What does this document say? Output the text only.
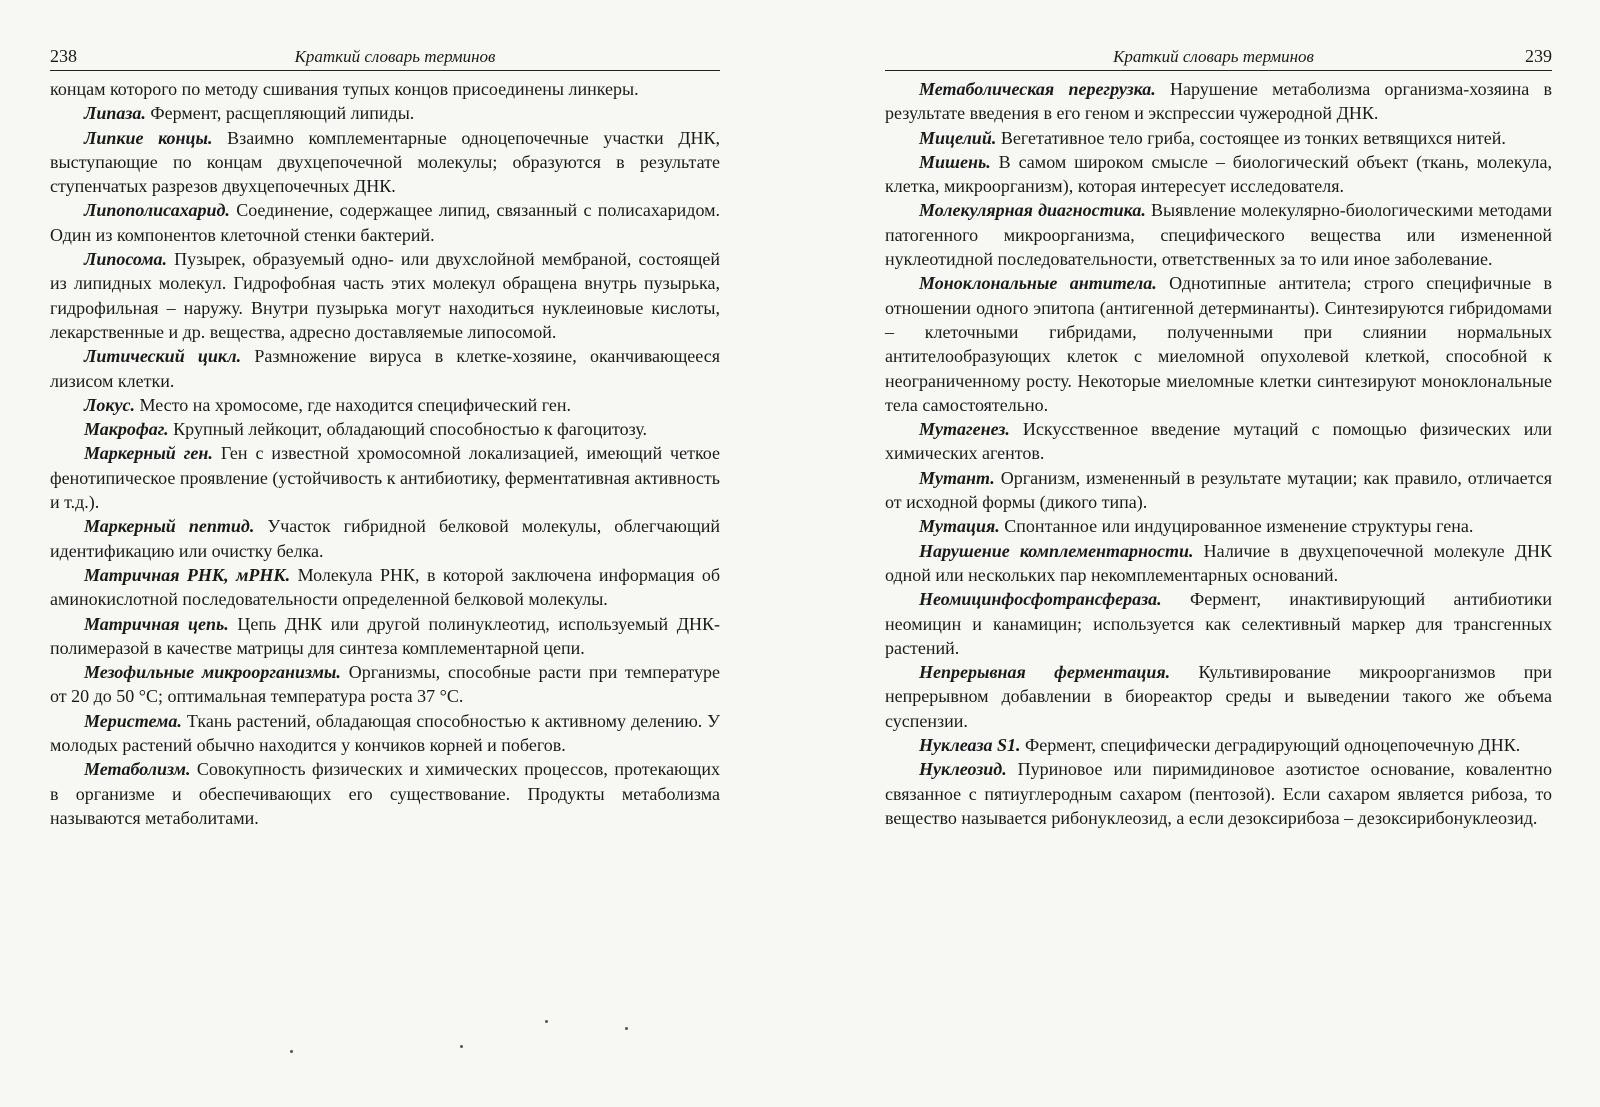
238	Краткий словарь терминов

концам которого по методу сшивания тупых концов присоединены линкеры.

Липаза. Фермент, расщепляющий липиды.

Липкие концы. Взаимно комплементарные одноцепочечные участки ДНК, выступающие по концам двухцепочечной молекулы; образуются в результате ступенчатых разрезов двухцепочечных ДНК.

Липополисахарид. Соединение, содержащее липид, связанный с полисахаридом. Один из компонентов клеточной стенки бактерий.

Липосома. Пузырек, образуемый одно- или двухслойной мембраной, состоящей из липидных молекул. Гидрофобная часть этих молекул обращена внутрь пузырька, гидрофильная – наружу. Внутри пузырька могут находиться нуклеиновые кислоты, лекарственные и др. вещества, адресно доставляемые липосомой.

Литический цикл. Размножение вируса в клетке-хозяине, оканчивающееся лизисом клетки.

Локус. Место на хромосоме, где находится специфический ген.

Макрофаг. Крупный лейкоцит, обладающий способностью к фагоцитозу.

Маркерный ген. Ген с известной хромосомной локализацией, имеющий четкое фенотипическое проявление (устойчивость к антибиотику, ферментативная активность и т.д.).

Маркерный пептид. Участок гибридной белковой молекулы, облегчающий идентификацию или очистку белка.

Матричная РНК, мРНК. Молекула РНК, в которой заключена информация об аминокислотной последовательности определенной белковой молекулы.

Матричная цепь. Цепь ДНК или другой полинуклеотид, используемый ДНК-полимеразой в качестве матрицы для синтеза комплементарной цепи.

Мезофильные микроорганизмы. Организмы, способные расти при температуре от 20 до 50 °С; оптимальная температура роста 37 °С.

Меристема. Ткань растений, обладающая способностью к активному делению. У молодых растений обычно находится у кончиков корней и побегов.

Метаболизм. Совокупность физических и химических процессов, протекающих в организме и обеспечивающих его существование. Продукты метаболизма называются метаболитами.

Краткий словарь терминов	239

Метаболическая перегрузка. Нарушение метаболизма организма-хозяина в результате введения в его геном и экспрессии чужеродной ДНК.

Мицелий. Вегетативное тело гриба, состоящее из тонких ветвящихся нитей.

Мишень. В самом широком смысле – биологический объект (ткань, молекула, клетка, микроорганизм), которая интересует исследователя.

Молекулярная диагностика. Выявление молекулярно-биологическими методами патогенного микроорганизма, специфического вещества или измененной нуклеотидной последовательности, ответственных за то или иное заболевание.

Моноклональные антитела. Однотипные антитела; строго специфичные в отношении одного эпитопа (антигенной детерминанты). Синтезируются гибридомами – клеточными гибридами, полученными при слиянии нормальных антителообразующих клеток с миеломной опухолевой клеткой, способной к неограниченному росту. Некоторые миеломные клетки синтезируют моноклональные тела самостоятельно.

Мутагенез. Искусственное введение мутаций с помощью физических или химических агентов.

Мутант. Организм, измененный в результате мутации; как правило, отличается от исходной формы (дикого типа).

Мутация. Спонтанное или индуцированное изменение структуры гена.

Нарушение комплементарности. Наличие в двухцепочечной молекуле ДНК одной или нескольких пар некомплементарных оснований.

Неомицинфосфотрансфераза. Фермент, инактивирующий антибиотики неомицин и канамицин; используется как селективный маркер для трансгенных растений.

Непрерывная ферментация. Культивирование микроорганизмов при непрерывном добавлении в биореактор среды и выведении такого же объема суспензии.

Нуклеаза S1. Фермент, специфически деградирующий одноцепочечную ДНК.

Нуклеозид. Пуриновое или пиримидиновое азотистое основание, ковалентно связанное с пятиуглеродным сахаром (пентозой). Если сахаром является рибоза, то вещество называется рибонуклеозид, а если дезоксирибоза – дезоксирибонуклеозид.
